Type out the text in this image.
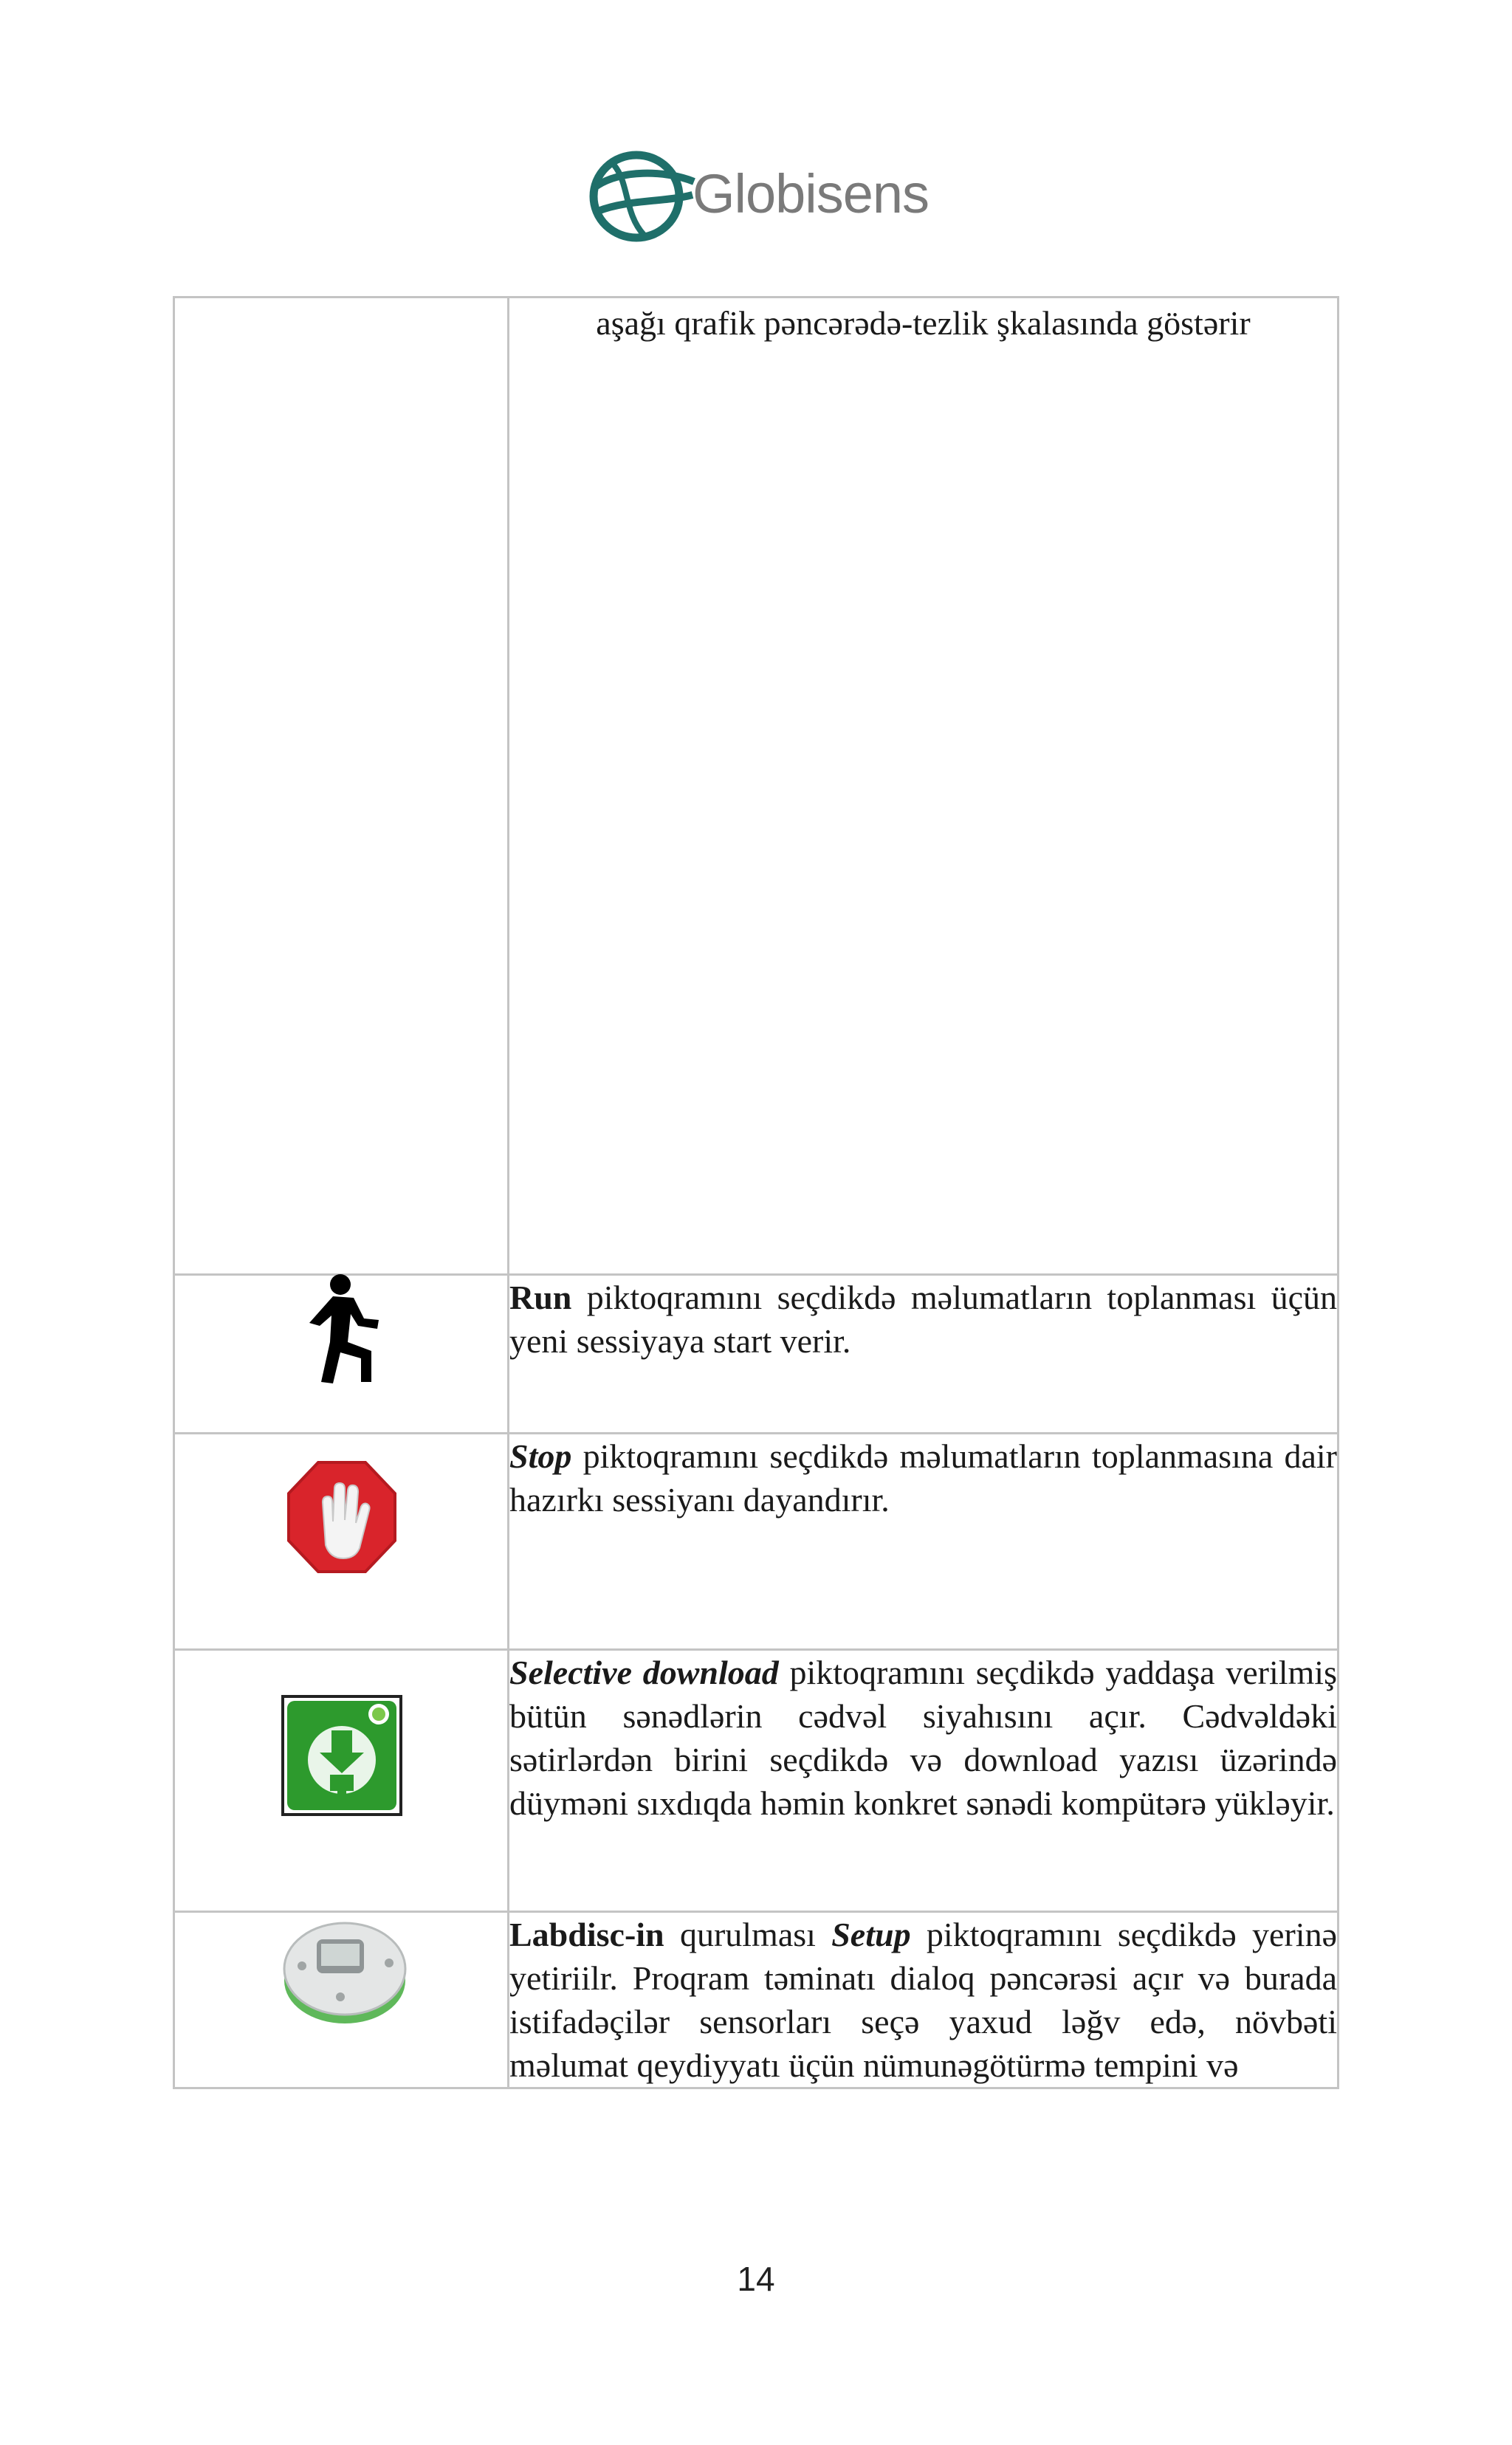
Globisens

	aşağı qrafik pəncərədə-tezlik şkalasında göstərir

Run piktoqramını seçdikdə məlumatların toplanması üçün yeni sessiyaya start verir.

Stop piktoqramını seçdikdə məlumatların toplanmasına dair hazırkı sessiyanı dayandırır.

Selective download piktoqramını seçdikdə yaddaşa verilmiş bütün sənədlərin cədvəl siyahısını açır. Cədvəldəki sətirlərdən birini seçdikdə və download yazısı üzərində düyməni sıxdıqda həmin konkret sənədi kompütərə yükləyir.

Labdisc-in qurulması Setup piktoqramını seçdikdə yerinə yetiriilr. Proqram təminatı dialoq pəncərəsi açır və burada istifadəçilər sensorları seçə yaxud ləğv edə, növbəti məlumat qeydiyyatı üçün nümunəgötürmə tempini və

14
